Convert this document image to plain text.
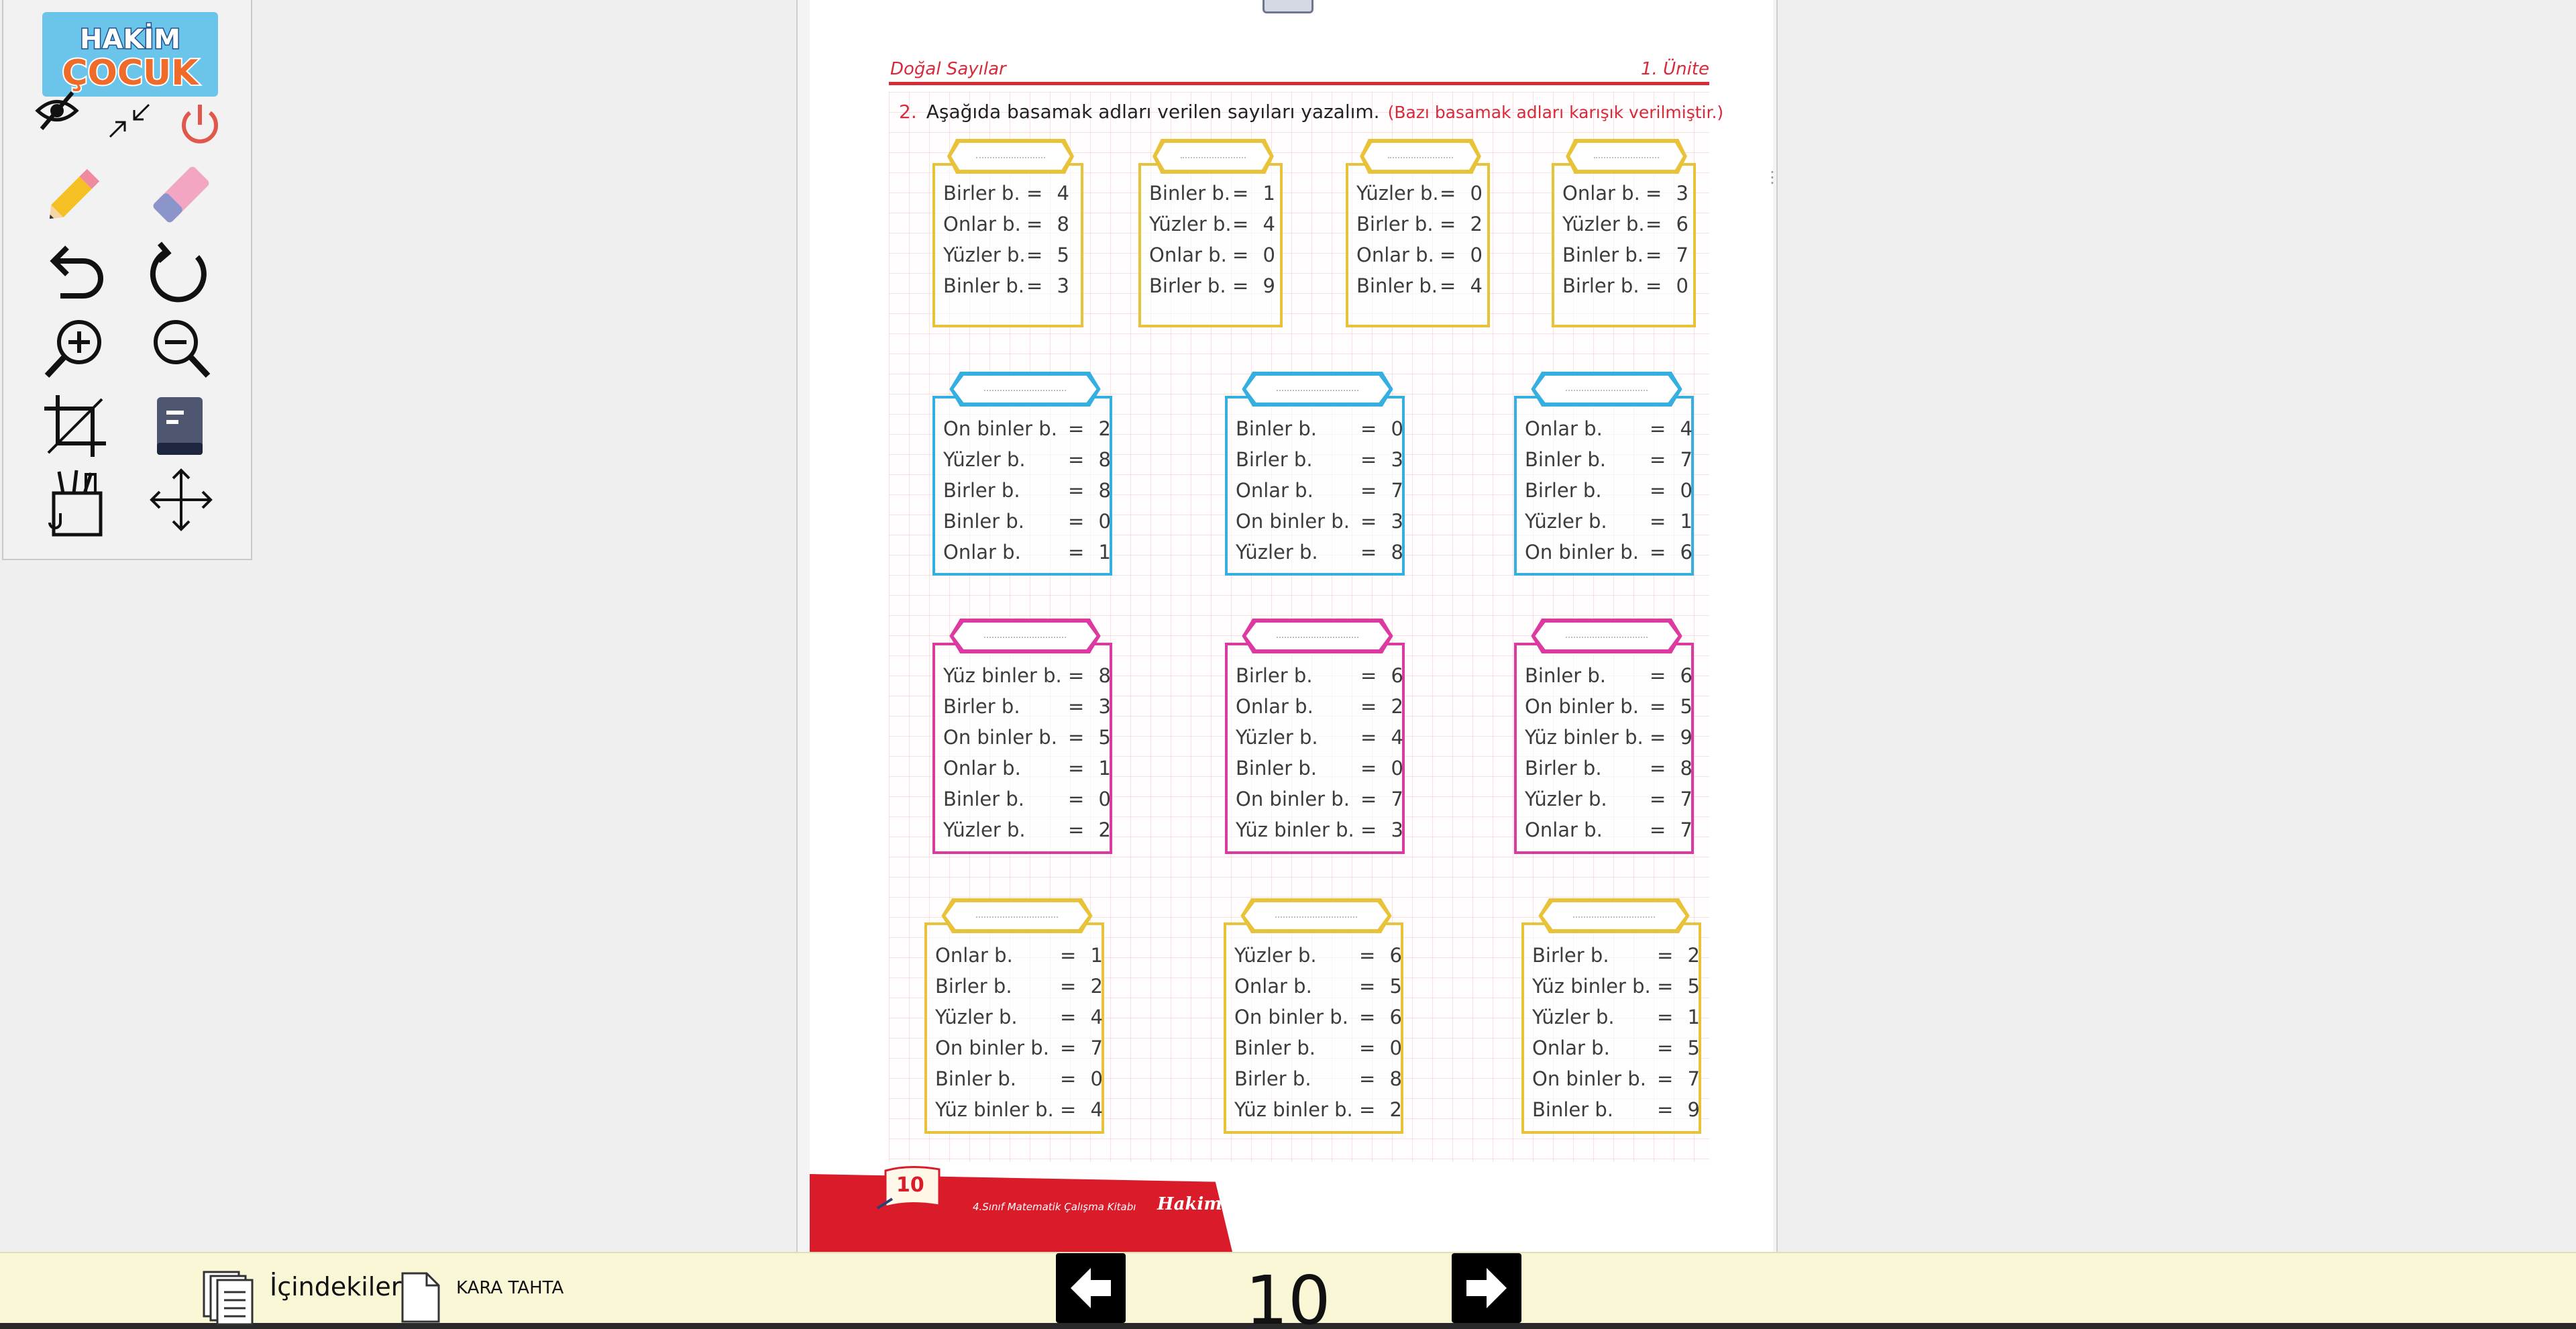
HAKİM
ÇOCUK
⋮
Doğal Sayılar	1. Ünite
2. Aşağıda basamak adları verilen sayıları yazalım. (Bazı basamak adları karışık verilmiştir.)
Birler b. = 4
Onlar b. = 8
Yüzler b. = 5
Binler b. = 3
Binler b. = 1
Yüzler b. = 4
Onlar b. = 0
Birler b. = 9
Yüzler b. = 0
Birler b. = 2
Onlar b. = 0
Binler b. = 4
Onlar b. = 3
Yüzler b. = 6
Binler b. = 7
Birler b. = 0
On binler b. = 2
Yüzler b. = 8
Birler b. = 8
Binler b. = 0
Onlar b. = 1
Binler b. = 0
Birler b. = 3
Onlar b. = 7
On binler b. = 3
Yüzler b. = 8
Onlar b. = 4
Binler b. = 7
Birler b. = 0
Yüzler b. = 1
On binler b. = 6
Yüz binler b. = 8
Birler b. = 3
On binler b. = 5
Onlar b. = 1
Binler b. = 0
Yüzler b. = 2
Birler b. = 6
Onlar b. = 2
Yüzler b. = 4
Binler b. = 0
On binler b. = 7
Yüz binler b. = 3
Binler b. = 6
On binler b. = 5
Yüz binler b. = 9
Birler b. = 8
Yüzler b. = 7
Onlar b. = 7
Onlar b. = 1
Birler b. = 2
Yüzler b. = 4
On binler b. = 7
Binler b. = 0
Yüz binler b. = 4
Yüzler b. = 6
Onlar b. = 5
On binler b. = 6
Binler b. = 0
Birler b. = 8
Yüz binler b. = 2
Birler b. = 2
Yüz binler b. = 5
Yüzler b. = 1
Onlar b. = 5
On binler b. = 7
Binler b. = 9
10
4.Sınıf Matematik Çalışma Kitabı Hakim
İçindekiler	KARA TAHTA	10
